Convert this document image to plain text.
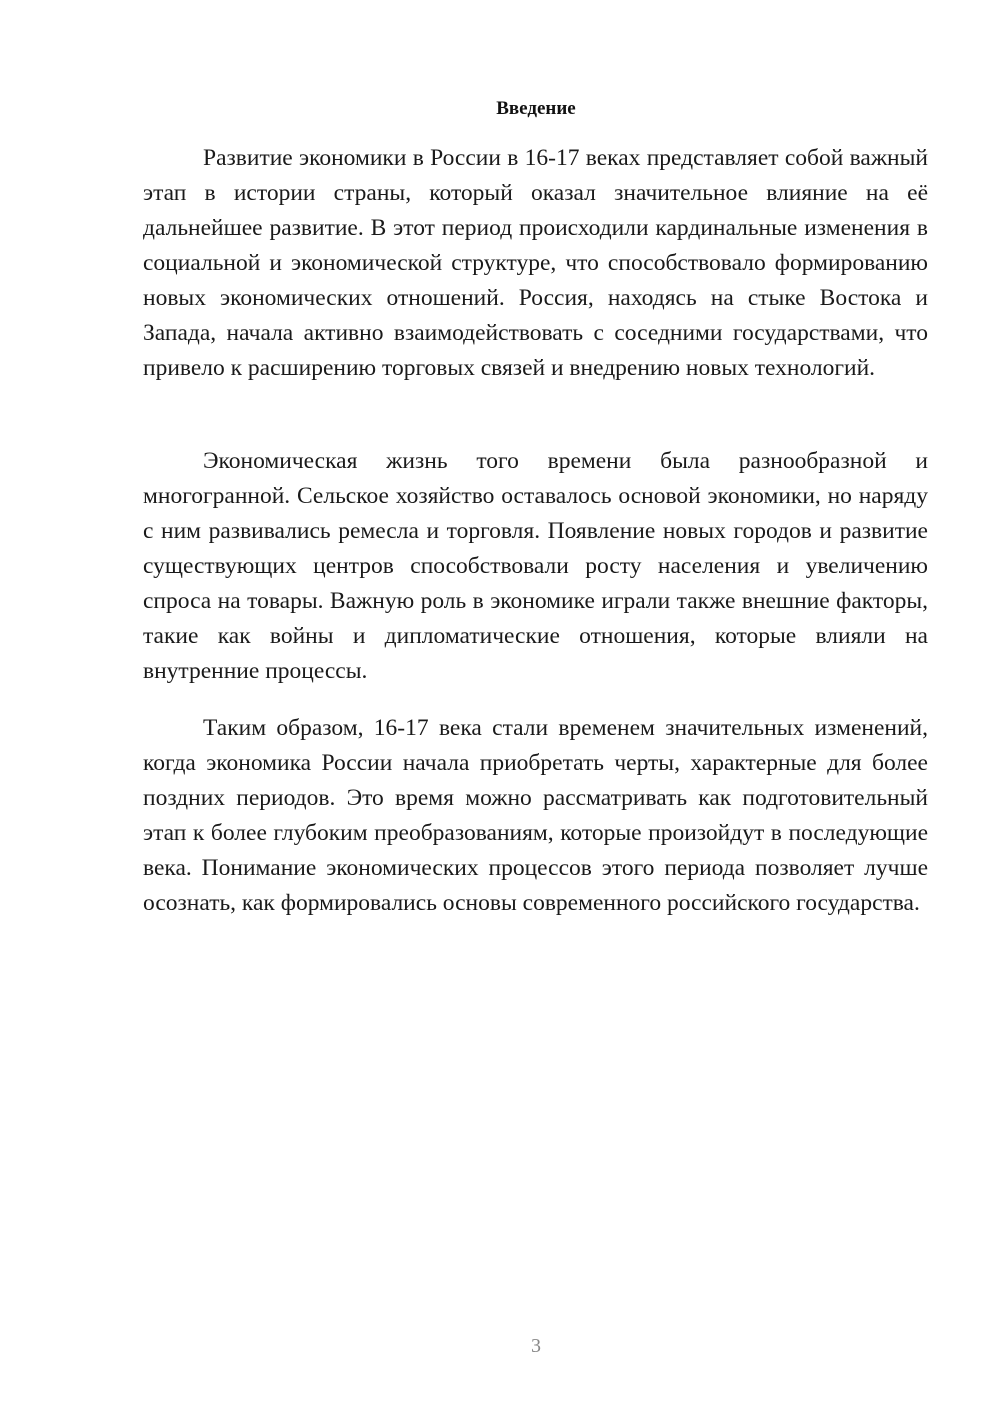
Введение

Развитие экономики в России в 16-17 веках представляет собой важный этап в истории страны, который оказал значительное влияние на её дальнейшее развитие. В этот период происходили кардинальные изменения в социальной и экономической структуре, что способствовало формированию новых экономических отношений. Россия, находясь на стыке Востока и Запада, начала активно взаимодействовать с соседними государствами, что привело к расширению торговых связей и внедрению новых технологий.

Экономическая жизнь того времени была разнообразной и многогранной. Сельское хозяйство оставалось основой экономики, но наряду с ним развивались ремесла и торговля. Появление новых городов и развитие существующих центров способствовали росту населения и увеличению спроса на товары. Важную роль в экономике играли также внешние факторы, такие как войны и дипломатические отношения, которые влияли на внутренние процессы.

Таким образом, 16-17 века стали временем значительных изменений, когда экономика России начала приобретать черты, характерные для более поздних периодов. Это время можно рассматривать как подготовительный этап к более глубоким преобразованиям, которые произойдут в последующие века. Понимание экономических процессов этого периода позволяет лучше осознать, как формировались основы современного российского государства.

3
